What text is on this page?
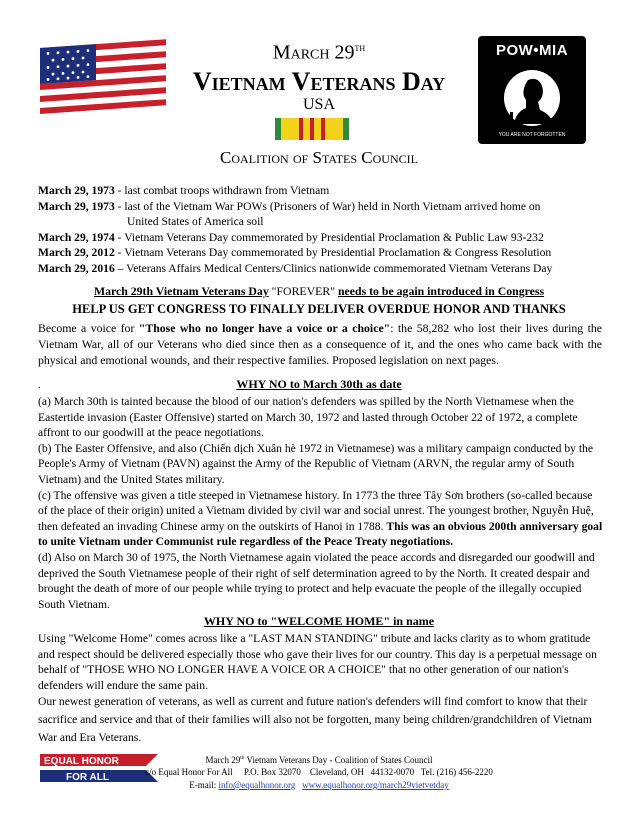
POW•MIA
YOU ARE NOT FORGOTTEN
March 29th
Vietnam Veterans Day
USA
Coalition of States Council
March 29, 1973 - last combat troops withdrawn from Vietnam
March 29, 1973 - last of the Vietnam War POWs (Prisoners of War) held in North Vietnam arrived home on
United States of America soil
March 29, 1974 - Vietnam Veterans Day commemorated by Presidential Proclamation & Public Law 93-232
March 29, 2012 - Vietnam Veterans Day commemorated by Presidential Proclamation & Congress Resolution
March 29, 2016 – Veterans Affairs Medical Centers/Clinics nationwide commemorated Vietnam Veterans Day
March 29th Vietnam Veterans Day "FOREVER" needs to be again introduced in Congress
HELP US GET CONGRESS TO FINALLY DELIVER OVERDUE HONOR AND THANKS
Become a voice for "Those who no longer have a voice or a choice": the 58,282 who lost their lives during the Vietnam War, all of our Veterans who died since then as a consequence of it, and the ones who came back with the physical and emotional wounds, and their respective families. Proposed legislation on next pages.
.	WHY NO to March 30th as date
(a) March 30th is tainted because the blood of our nation's defenders was spilled by the North Vietnamese when the Eastertide invasion (Easter Offensive) started on March 30, 1972 and lasted through October 22 of 1972, a complete affront to our goodwill at the peace negotiations.
(b) The Easter Offensive, and also (Chiến dịch Xuân hè 1972 in Vietnamese) was a military campaign conducted by the People's Army of Vietnam (PAVN) against the Army of the Republic of Vietnam (ARVN, the regular army of South Vietnam) and the United States military.
(c) The offensive was given a title steeped in Vietnamese history. In 1773 the three Tây Sơn brothers (so-called because of the place of their origin) united a Vietnam divided by civil war and social unrest. The youngest brother, Nguyễn Huệ, then defeated an invading Chinese army on the outskirts of Hanoi in 1788. This was an obvious 200th anniversary goal to unite Vietnam under Communist rule regardless of the Peace Treaty negotiations.
(d) Also on March 30 of 1975, the North Vietnamese again violated the peace accords and disregarded our goodwill and deprived the South Vietnamese people of their right of self determination agreed to by the North. It created despair and brought the death of more of our people while trying to protect and help evacuate the people of the illegally occupied South Vietnam.
WHY NO to "WELCOME HOME" in name
Using "Welcome Home" comes across like a "LAST MAN STANDING" tribute and lacks clarity as to whom gratitude and respect should be delivered especially those who gave their lives for our country. This day is a perpetual message on behalf of "THOSE WHO NO LONGER HAVE A VOICE OR A CHOICE" that no other generation of our nation's defenders will endure the same pain.
Our newest generation of veterans, as well as current and future nation's defenders will find comfort to know that their sacrifice and service and that of their families will also not be forgotten, many being children/grandchildren of Vietnam War and Era Veterans.
EQUAL HONOR
FOR ALL
March 29th Vietnam Veterans Day - Coalition of States Council
c/o Equal Honor For All     P.O. Box 32070    Cleveland, OH   44132-0070   Tel. (216) 456-2220
E-mail: info@equalhonor.org www.equalhonor.org/march29vietvetday
